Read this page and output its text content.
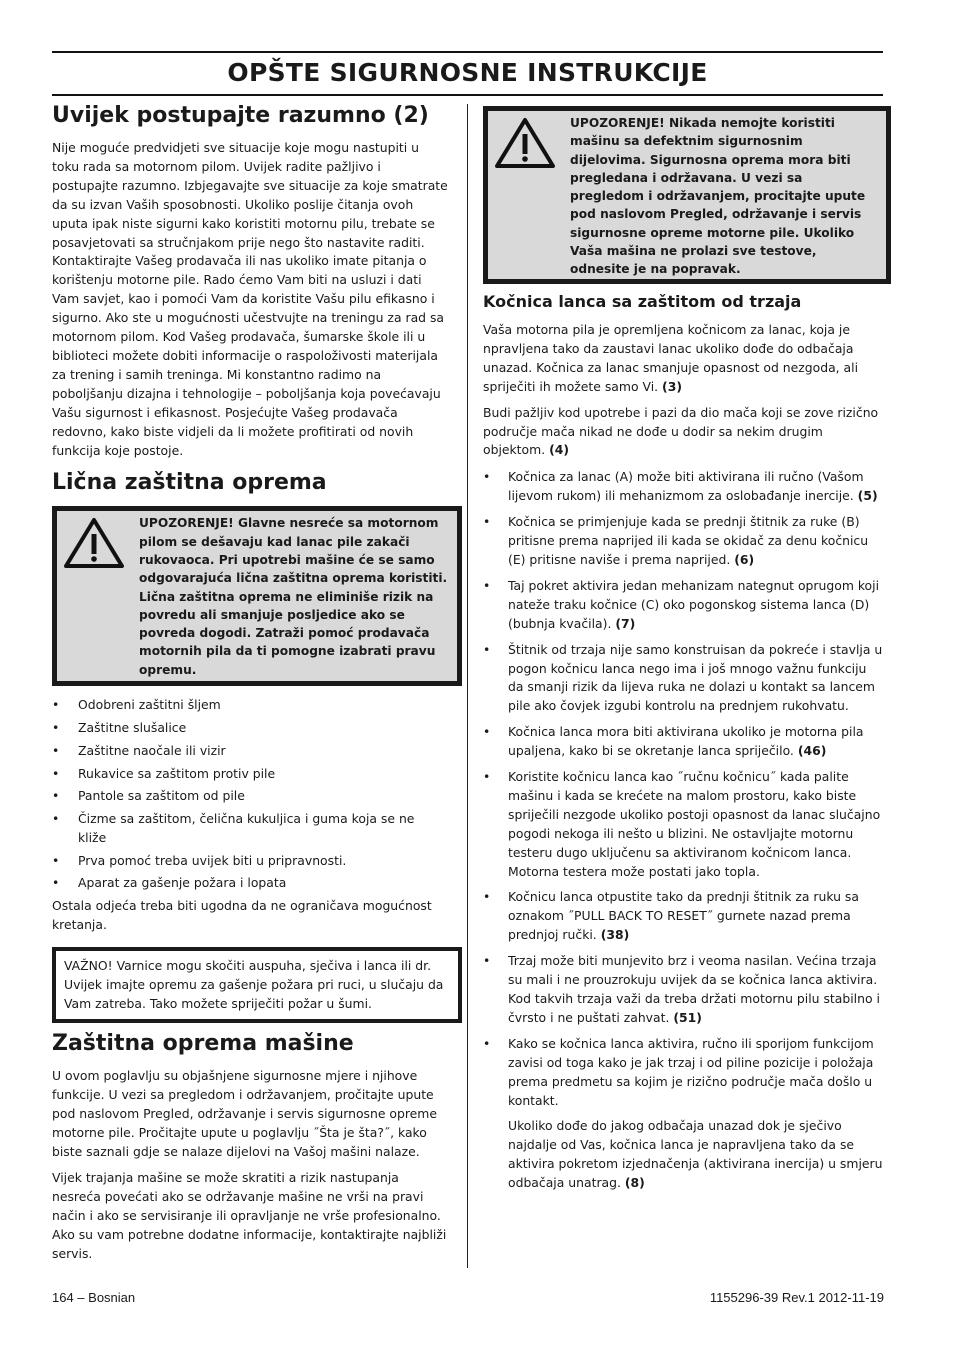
OPŠTE SIGURNOSNE INSTRUKCIJE
Uvijek postupajte razumno (2)

Nije moguće predvidjeti sve situacije koje mogu nastupiti u toku rada sa motornom pilom. Uvijek radite pažljivo i postupajte razumno. Izbjegavajte sve situacije za koje smatrate da su izvan Vaših sposobnosti. Ukoliko poslije čitanja ovoh uputa ipak niste sigurni kako koristiti motornu pilu, trebate se posavjetovati sa stručnjakom prije nego što nastavite raditi. Kontaktirajte Vašeg prodavača ili nas ukoliko imate pitanja o korištenju motorne pile. Rado ćemo Vam biti na usluzi i dati Vam savjet, kao i pomoći Vam da koristite Vašu pilu efikasno i sigurno. Ako ste u mogućnosti učestvujte na treningu za rad sa motornom pilom. Kod Vašeg prodavača, šumarske škole ili u biblioteci možete dobiti informacije o raspoloživosti materijala za trening i samih treninga. Mi konstantno radimo na poboljšanju dizajna i tehnologije – poboljšanja koja povećavaju Vašu sigurnost i efikasnost. Posjećujte Vašeg prodavača redovno, kako biste vidjeli da li možete profitirati od novih funkcija koje postoje.

Lična zaštitna oprema

UPOZORENJE! Glavne nesreće sa motornom pilom se dešavaju kad lanac pile zakači rukovaoca. Pri upotrebi mašine će se samo odgovarajuća lična zaštitna oprema koristiti. Lična zaštitna oprema ne eliminiše rizik na povredu ali smanjuje posljedice ako se povreda dogodi. Zatraži pomoć prodavača motornih pila da ti pomogne izabrati pravu opremu.

• Odobreni zaštitni šljem
• Zaštitne slušalice
• Zaštitne naočale ili vizir
• Rukavice sa zaštitom protiv pile
• Pantole sa zaštitom od pile
• Čizme sa zaštitom, čelična kukuljica i guma koja se ne kliže
• Prva pomoć treba uvijek biti u pripravnosti.
• Aparat za gašenje požara i lopata

Ostala odjeća treba biti ugodna da ne ograničava mogućnost kretanja.

VAŽNO! Varnice mogu skočiti auspuha, sječiva i lanca ili dr. Uvijek imajte opremu za gašenje požara pri ruci, u slučaju da Vam zatreba. Tako možete spriječiti požar u šumi.
Zaštitna oprema mašine

U ovom poglavlju su objašnjene sigurnosne mjere i njihove funkcije. U vezi sa pregledom i održavanjem, pročitajte upute pod naslovom Pregled, održavanje i servis sigurnosne opreme motorne pile. Pročitajte upute u poglavlju ˝Šta je šta?˝, kako biste saznali gdje se nalaze dijelovi na Vašoj mašini nalaze.

Vijek trajanja mašine se može skratiti a rizik nastupanja nesreća povećati ako se održavanje mašine ne vrši na pravi način i ako se servisiranje ili opravljanje ne vrše profesionalno. Ako su vam potrebne dodatne informacije, kontaktirajte najbliži servis.

UPOZORENJE! Nikada nemojte koristiti mašinu sa defektnim sigurnosnim dijelovima. Sigurnosna oprema mora biti pregledana i održavana. U vezi sa pregledom i održavanjem, procitajte upute pod naslovom Pregled, održavanje i servis sigurnosne opreme motorne pile. Ukoliko Vaša mašina ne prolazi sve testove, odnesite je na popravak.

Kočnica lanca sa zaštitom od trzaja

Vaša motorna pila je opremljena kočnicom za lanac, koja je npravljena tako da zaustavi lanac ukoliko dođe do odbačaja unazad. Kočnica za lanac smanjuje opasnost od nezgoda, ali spriječiti ih možete samo Vi. (3)

Budi pažljiv kod upotrebe i pazi da dio mača koji se zove rizično područje mača nikad ne dođe u dodir sa nekim drugim objektom. (4)

• Kočnica za lanac (A) može biti aktivirana ili ručno (Vašom lijevom rukom) ili mehanizmom za oslobađanje inercije. (5)
• Kočnica se primjenjuje kada se prednji štitnik za ruke (B) pritisne prema naprijed ili kada se okidač za denu kočnicu (E) pritisne naviše i prema naprijed. (6)
• Taj pokret aktivira jedan mehanizam nategnut oprugom koji nateže traku kočnice (C) oko pogonskog sistema lanca (D) (bubnja kvačila). (7)
• Štitnik od trzaja nije samo konstruisan da pokreće i stavlja u pogon kočnicu lanca nego ima i još mnogo važnu funkciju da smanji rizik da lijeva ruka ne dolazi u kontakt sa lancem pile ako čovjek izgubi kontrolu na prednjem rukohvatu.
• Kočnica lanca mora biti aktivirana ukoliko je motorna pila upaljena, kako bi se okretanje lanca spriječilo. (46)
• Koristite kočnicu lanca kao ˝ručnu kočnicu˝ kada palite mašinu i kada se krećete na malom prostoru, kako biste spriječili nezgode ukoliko postoji opasnost da lanac slučajno pogodi nekoga ili nešto u blizini. Ne ostavljajte motornu testeru dugo uključenu sa aktiviranom kočnicom lanca. Motorna testera može postati jako topla.
• Kočnicu lanca otpustite tako da prednji štitnik za ruku sa oznakom ˝PULL BACK TO RESET˝ gurnete nazad prema prednjoj ručki. (38)
• Trzaj može biti munjevito brz i veoma nasilan. Većina trzaja su mali i ne prouzrokuju uvijek da se kočnica lanca aktivira. Kod takvih trzaja važi da treba držati motornu pilu stabilno i čvrsto i ne puštati zahvat. (51)
• Kako se kočnica lanca aktivira, ručno ili sporijom funkcijom zavisi od toga kako je jak trzaj i od piline pozicije i položaja prema predmetu sa kojim je rizično područje mača došlo u kontakt.

Ukoliko dođe do jakog odbačaja unazad dok je sječivo najdalje od Vas, kočnica lanca je napravljena tako da se aktivira pokretom izjednačenja (aktivirana inercija) u smjeru odbačaja unatrag. (8)

164 – Bosnian	1155296-39 Rev.1 2012-11-19
